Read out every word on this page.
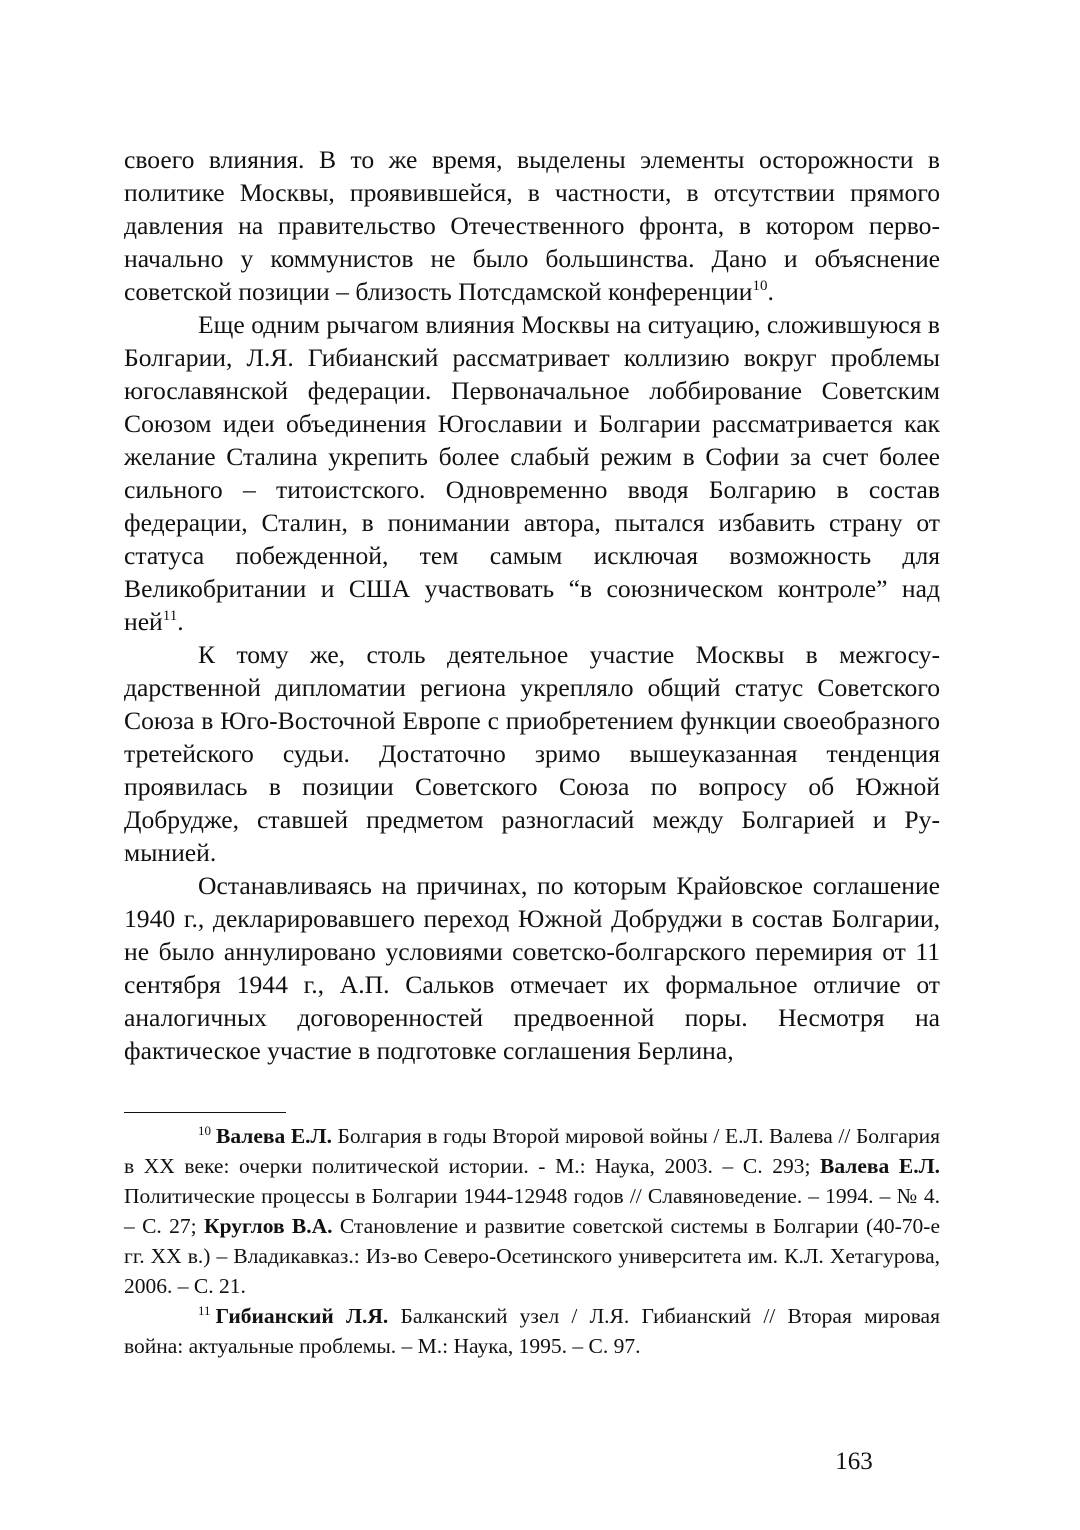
своего влияния. В то же время, выделены элементы осторожности в политике Москвы, проявившейся, в частности, в отсутствии прямого давления на правительство Отечественного фронта, в котором первоначально у коммунистов не было большинства. Дано и объяснение советской позиции – близость Потсдамской конференции$^{10}$.

Еще одним рычагом влияния Москвы на ситуацию, сложившуюся в Болгарии, Л.Я. Гибианский рассматривает коллизию вокруг проблемы югославянской федерации. Первоначальное лоббирование Советским Союзом идеи объединения Югославии и Болгарии рассматривается как желание Сталина укрепить более слабый режим в Софии за счет более сильного – титоистского. Одновременно вводя Болгарию в состав федерации, Сталин, в понимании автора, пытался избавить страну от статуса побежденной, тем самым исключая возможность для Великобритании и США участвовать “в союзническом контроле” над ней$^{11}$.

К тому же, столь деятельное участие Москвы в межгосударственной дипломатии региона укрепляло общий статус Советского Союза в Юго-Восточной Европе с приобретением функции своеобразного третейского судьи. Достаточно зримо вышеуказанная тенденция проявилась в позиции Советского Союза по вопросу об Южной Добрудже, ставшей предметом разногласий между Болгарией и Румынией.

Останавливаясь на причинах, по которым Крайовское соглашение 1940 г., декларировавшего переход Южной Добруджи в состав Болгарии, не было аннулировано условиями советско-болгарского перемирия от 11 сентября 1944 г., А.П. Сальков отмечает их формальное отличие от аналогичных договоренностей предвоенной поры. Несмотря на фактическое участие в подготовке соглашения Берлина,

$^{10}$ Валева Е.Л. Болгария в годы Второй мировой войны / Е.Л. Валева // Болгария в XX веке: очерки политической истории. - М.: Наука, 2003. – С. 293; Валева Е.Л. Политические процессы в Болгарии 1944-12948 годов // Славяноведение. – 1994. – № 4. – С. 27; Круглов В.А. Становление и развитие советской системы в Болгарии (40-70-е гг. XX в.) – Владикавказ.: Из-во Северо-Осетинского университета им. К.Л. Хетагурова, 2006. – С. 21.

$^{11}$ Гибианский Л.Я. Балканский узел / Л.Я. Гибианский // Вторая мировая война: актуальные проблемы. – М.: Наука, 1995. – С. 97.

163
